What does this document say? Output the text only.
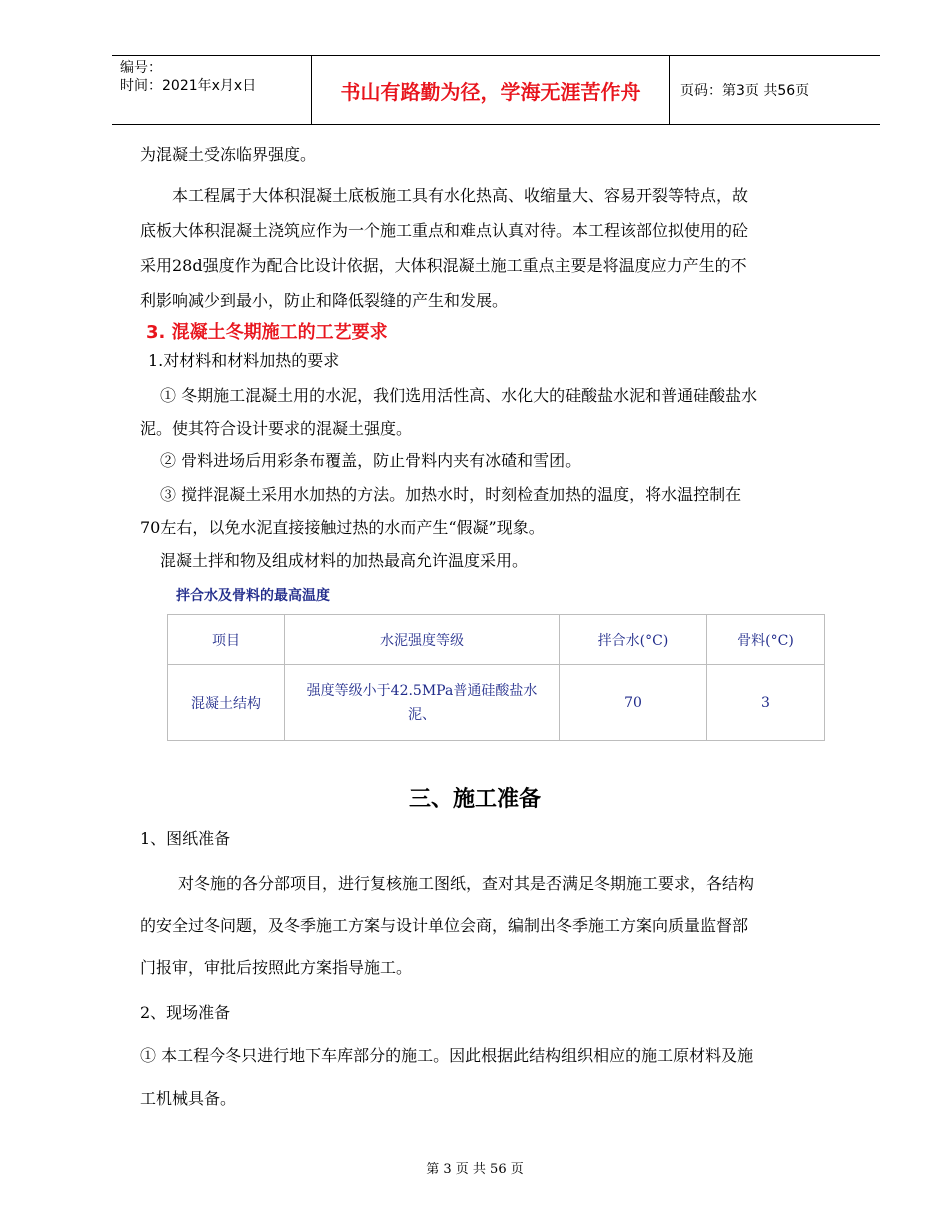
编号：
时间：2021年x月x日	书山有路勤为径，学海无涯苦作舟	页码：第3页 共56页
为混凝土受冻临界强度。
本工程属于大体积混凝土底板施工具有水化热高、收缩量大、容易开裂等特点，故
底板大体积混凝土浇筑应作为一个施工重点和难点认真对待。本工程该部位拟使用的砼
采用28d强度作为配合比设计依据，大体积混凝土施工重点主要是将温度应力产生的不
利影响减少到最小，防止和降低裂缝的产生和发展。
3. 混凝土冬期施工的工艺要求
1.对材料和材料加热的要求
① 冬期施工混凝土用的水泥，我们选用活性高、水化大的硅酸盐水泥和普通硅酸盐水
泥。使其符合设计要求的混凝土强度。
② 骨料进场后用彩条布覆盖，防止骨料内夹有冰碴和雪团。
③ 搅拌混凝土采用水加热的方法。加热水时，时刻检查加热的温度，将水温控制在
70左右，以免水泥直接接触过热的水而产生“假凝”现象。
混凝土拌和物及组成材料的加热最高允许温度采用。
拌合水及骨料的最高温度
项目	水泥强度等级	拌合水(°C)	骨料(°C)
混凝土结构	强度等级小于42.5MPa普通硅酸盐水泥、	70	3
三、施工准备
1、图纸准备
对冬施的各分部项目，进行复核施工图纸，查对其是否满足冬期施工要求，各结构
的安全过冬问题，及冬季施工方案与设计单位会商，编制出冬季施工方案向质量监督部
门报审，审批后按照此方案指导施工。
2、现场准备
① 本工程今冬只进行地下车库部分的施工。因此根据此结构组织相应的施工原材料及施
工机械具备。
第 3 页 共 56 页
